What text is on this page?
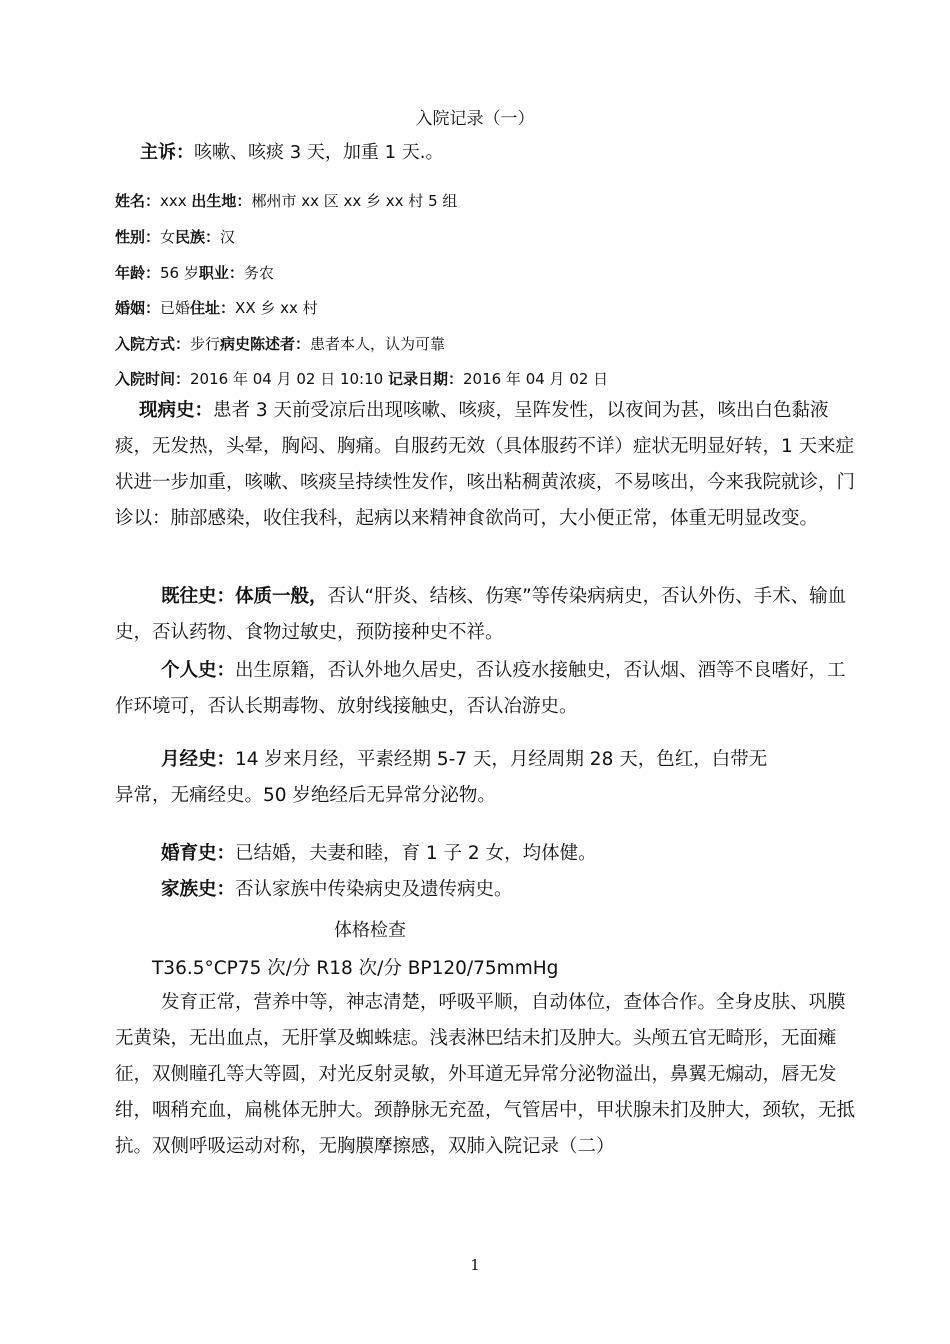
入院记录（一）
主诉：咳嗽、咳痰 3 天，加重 1 天.。
姓名：xxx 出生地：郴州市 xx 区 xx 乡 xx 村 5 组
性别：女民族：汉
年龄：56 岁职业：务农
婚姻：已婚住址：XX 乡 xx 村
入院方式：步行病史陈述者：患者本人，认为可靠
入院时间：2016 年 04 月 02 日 10:10 记录日期：2016 年 04 月 02 日
现病史：患者 3 天前受凉后出现咳嗽、咳痰，呈阵发性，以夜间为甚，咳出白色黏液痰，无发热，头晕，胸闷、胸痛。自服药无效（具体服药不详）症状无明显好转，1 天来症状进一步加重，咳嗽、咳痰呈持续性发作，咳出粘稠黄浓痰，不易咳出，今来我院就诊，门诊以：肺部感染，收住我科，起病以来精神食欲尚可，大小便正常，体重无明显改变。
既往史：体质一般，否认“肝炎、结核、伤寒”等传染病病史，否认外伤、手术、输血史，否认药物、食物过敏史，预防接种史不祥。
个人史：出生原籍，否认外地久居史，否认疫水接触史，否认烟、酒等不良嗜好，工作环境可，否认长期毒物、放射线接触史，否认冶游史。
月经史：14 岁来月经，平素经期 5-7 天，月经周期 28 天，色红，白带无
异常，无痛经史。50 岁绝经后无异常分泌物。
婚育史：已结婚，夫妻和睦，育 1 子 2 女，均体健。
家族史：否认家族中传染病史及遗传病史。
体格检查
T36.5°CP75 次/分 R18 次/分 BP120/75mmHg
发育正常，营养中等，神志清楚，呼吸平顺，自动体位，查体合作。全身皮肤、巩膜无黄染，无出血点，无肝掌及蜘蛛痣。浅表淋巴结未扪及肿大。头颅五官无畸形，无面瘫征，双侧瞳孔等大等圆，对光反射灵敏，外耳道无异常分泌物溢出，鼻翼无煽动，唇无发绀，咽稍充血，扁桃体无肿大。颈静脉无充盈，气管居中，甲状腺未扪及肿大，颈软，无抵抗。双侧呼吸运动对称，无胸膜摩擦感，双肺入院记录（二）
1
